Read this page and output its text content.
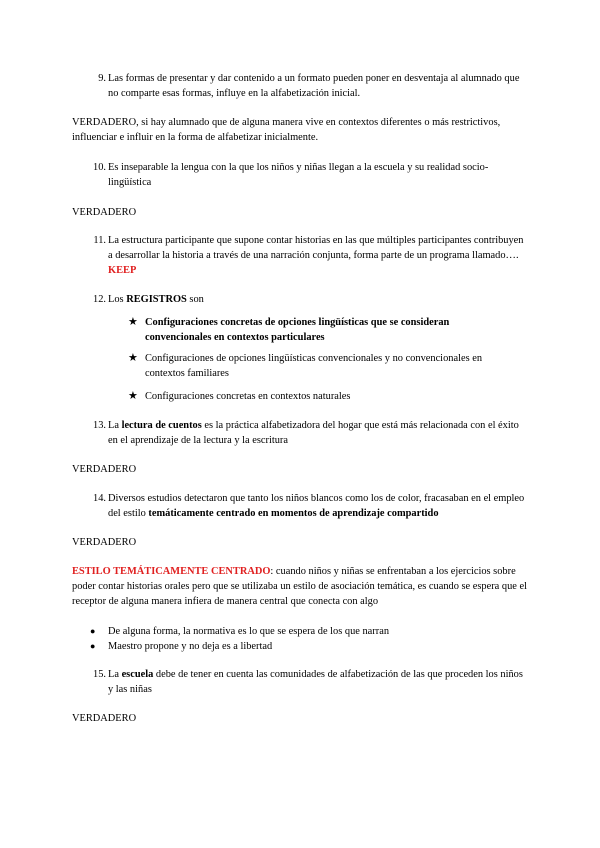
9. Las formas de presentar y dar contenido a un formato pueden poner en desventaja al alumnado que no comparte esas formas, influye en la alfabetización inicial.
VERDADERO, si hay alumnado que de alguna manera vive en contextos diferentes o más restrictivos, influenciar e influir en la forma de alfabetizar inicialmente.
10. Es inseparable la lengua con la que los niños y niñas llegan a la escuela y su realidad socio-lingüística
VERDADERO
11. La estructura participante que supone contar historias en las que múltiples participantes contribuyen a desarrollar la historia a través de una narración conjunta, forma parte de un programa llamado…. KEEP
12. Los REGISTROS son
★ Configuraciones concretas de opciones lingüísticas que se consideran convencionales en contextos particulares
★ Configuraciones de opciones lingüísticas convencionales y no convencionales en contextos familiares
★ Configuraciones concretas en contextos naturales
13. La lectura de cuentos es la práctica alfabetizadora del hogar que está más relacionada con el éxito en el aprendizaje de la lectura y la escritura
VERDADERO
14. Diversos estudios detectaron que tanto los niños blancos como los de color, fracasaban en el empleo del estilo temáticamente centrado en momentos de aprendizaje compartido
VERDADERO
ESTILO TEMÁTICAMENTE CENTRADO: cuando niños y niñas se enfrentaban a los ejercicios sobre poder contar historias orales pero que se utilizaba un estilo de asociación temática, es cuando se espera que el receptor de alguna manera infiera de manera central que conecta con algo
● De alguna forma, la normativa es lo que se espera de los que narran
● Maestro propone y no deja es a libertad
15. La escuela debe de tener en cuenta las comunidades de alfabetización de las que proceden los niños y las niñas
VERDADERO
